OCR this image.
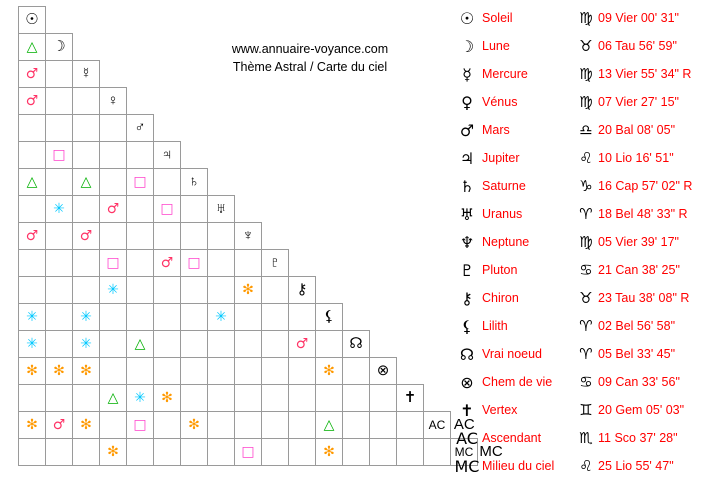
☉																	

△	☽																

♂		☿															

♂			♀														

				♂													

	□				♃												

△		△		□		♄											

	✳		♂		□		♅										

♂		♂						♆									

			□		♂	□			♇								

			✳					✻		⚷							

✳		✳					✳				⚸						

✳		✳		△						♂		☊					

✻	✻	✻									✻		⊗				

			△	✳	✻									✝			

✻	♂	✻		□		✻					△				AC	AC	

			✻					□			✻					MC	MC
www.annuaire-voyance.com
Thème Astral / Carte du ciel
☉ Soleil	♍ 09 Vier 00' 31"
☽ Lune	♉ 06 Tau 56' 59"
☿ Mercure	♍ 13 Vier 55' 34" R
♀ Vénus	♍ 07 Vier 27' 15"
♂ Mars	♎ 20 Bal 08' 05"
♃ Jupiter	♌ 10 Lio 16' 51"
♄ Saturne	♑ 16 Cap 57' 02" R
♅ Uranus	♈ 18 Bel 48' 33" R
♆ Neptune	♍ 05 Vier 39' 17"
♇ Pluton	♋ 21 Can 38' 25"
⚷ Chiron	♉ 23 Tau 38' 08" R
⚸ Lilith	♈ 02 Bel 56' 58"
☊ Vrai noeud	♈ 05 Bel 33' 45"
⊗ Chem de vie	♋ 09 Can 33' 56"
✝ Vertex	♊ 20 Gem 05' 03"
AC Ascendant	♏ 11 Sco 37' 28"
MC Milieu du ciel	♌ 25 Lio 55' 47"
